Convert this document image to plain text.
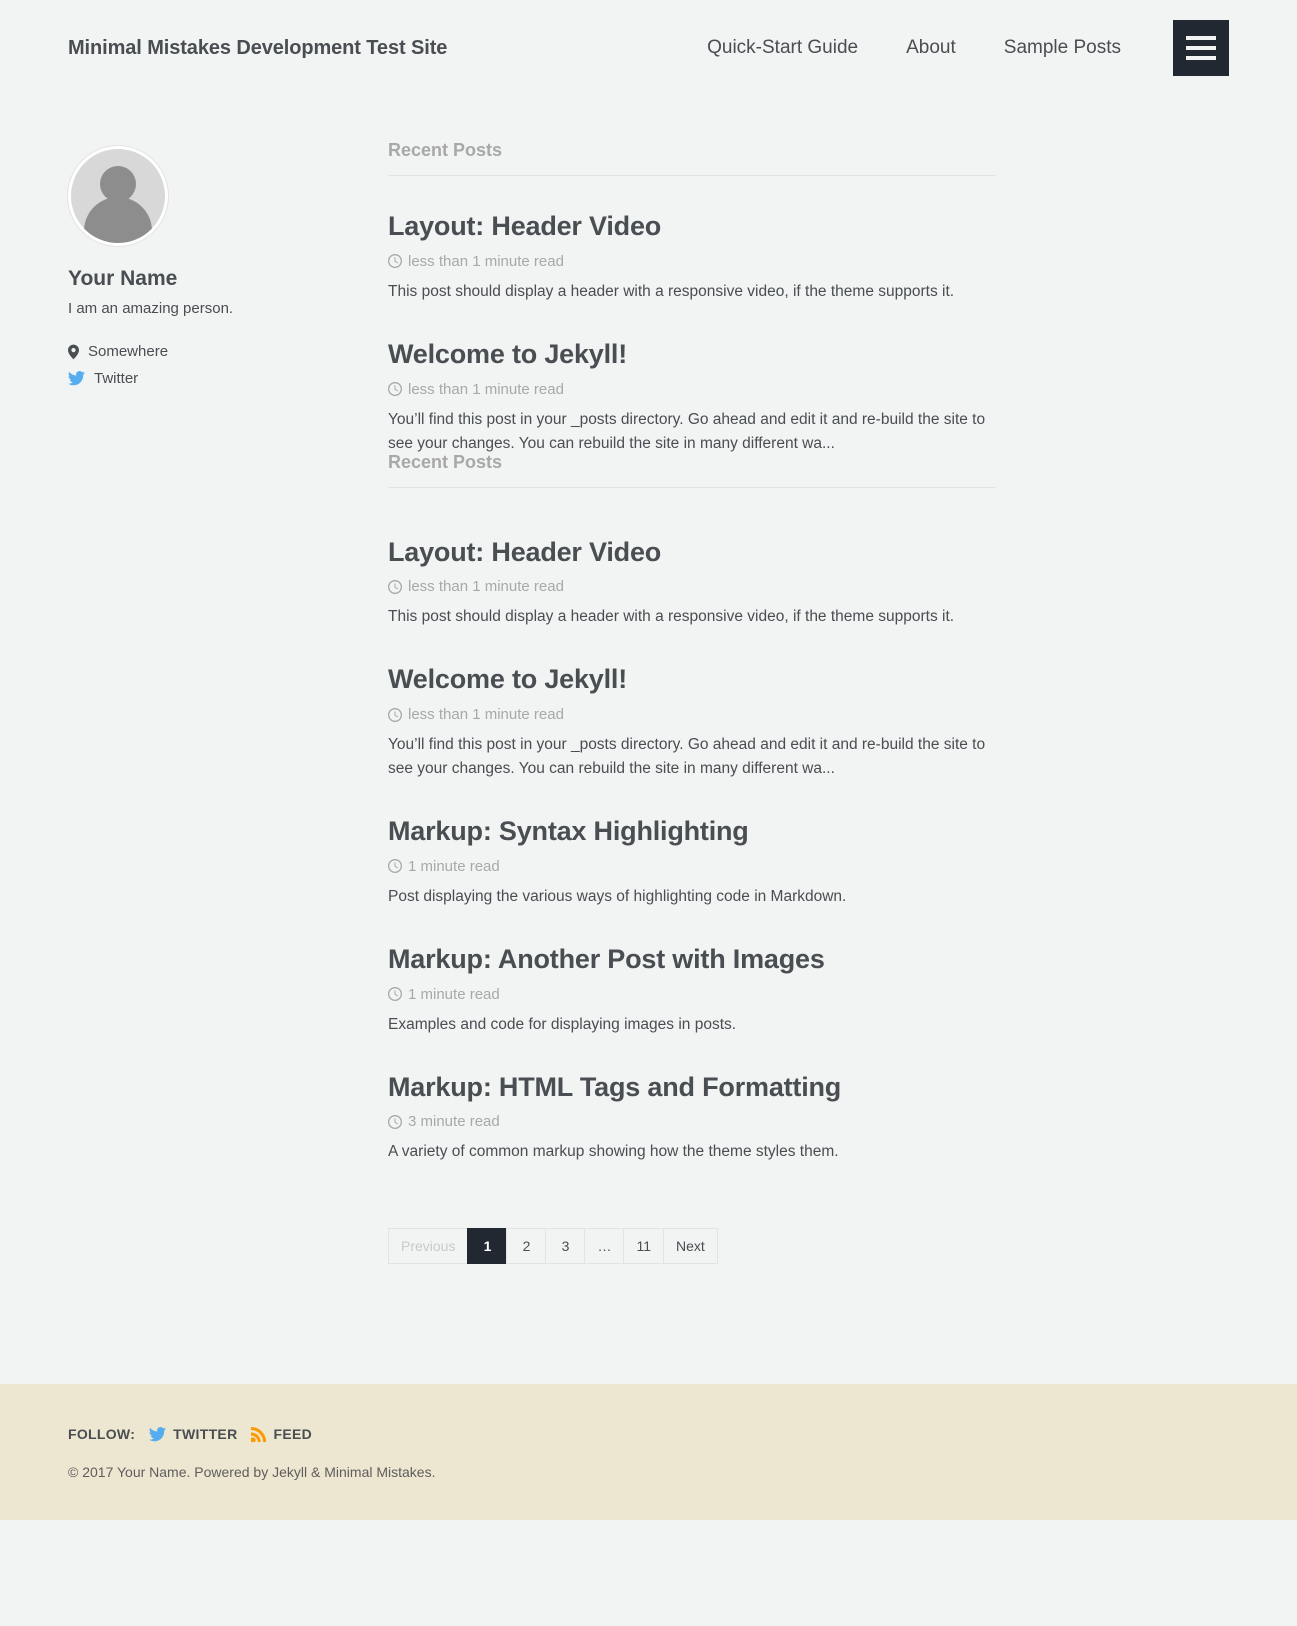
Minimal Mistakes Development Test Site	Quick-Start Guide	About	Sample Posts
Your Name

I am an amazing person.

Somewhere
Twitter
Recent Posts
Layout: Header Video

less than 1 minute read

This post should display a header with a responsive video, if the theme supports it.

Welcome to Jekyll!

less than 1 minute read

You’ll find this post in your _posts directory. Go ahead and edit it and re-build the site to see your changes. You can rebuild the site in many different wa...

Recent Posts
Layout: Header Video

less than 1 minute read

This post should display a header with a responsive video, if the theme supports it.

Welcome to Jekyll!

less than 1 minute read

You’ll find this post in your _posts directory. Go ahead and edit it and re-build the site to see your changes. You can rebuild the site in many different wa...

Markup: Syntax Highlighting

1 minute read

Post displaying the various ways of highlighting code in Markdown.

Markup: Another Post with Images

1 minute read

Examples and code for displaying images in posts.

Markup: HTML Tags and Formatting

3 minute read

A variety of common markup showing how the theme styles them.

Previous	1	2	3	…	11	Next
FOLLOW:	TWITTER	FEED
© 2017 Your Name. Powered by Jekyll & Minimal Mistakes.
